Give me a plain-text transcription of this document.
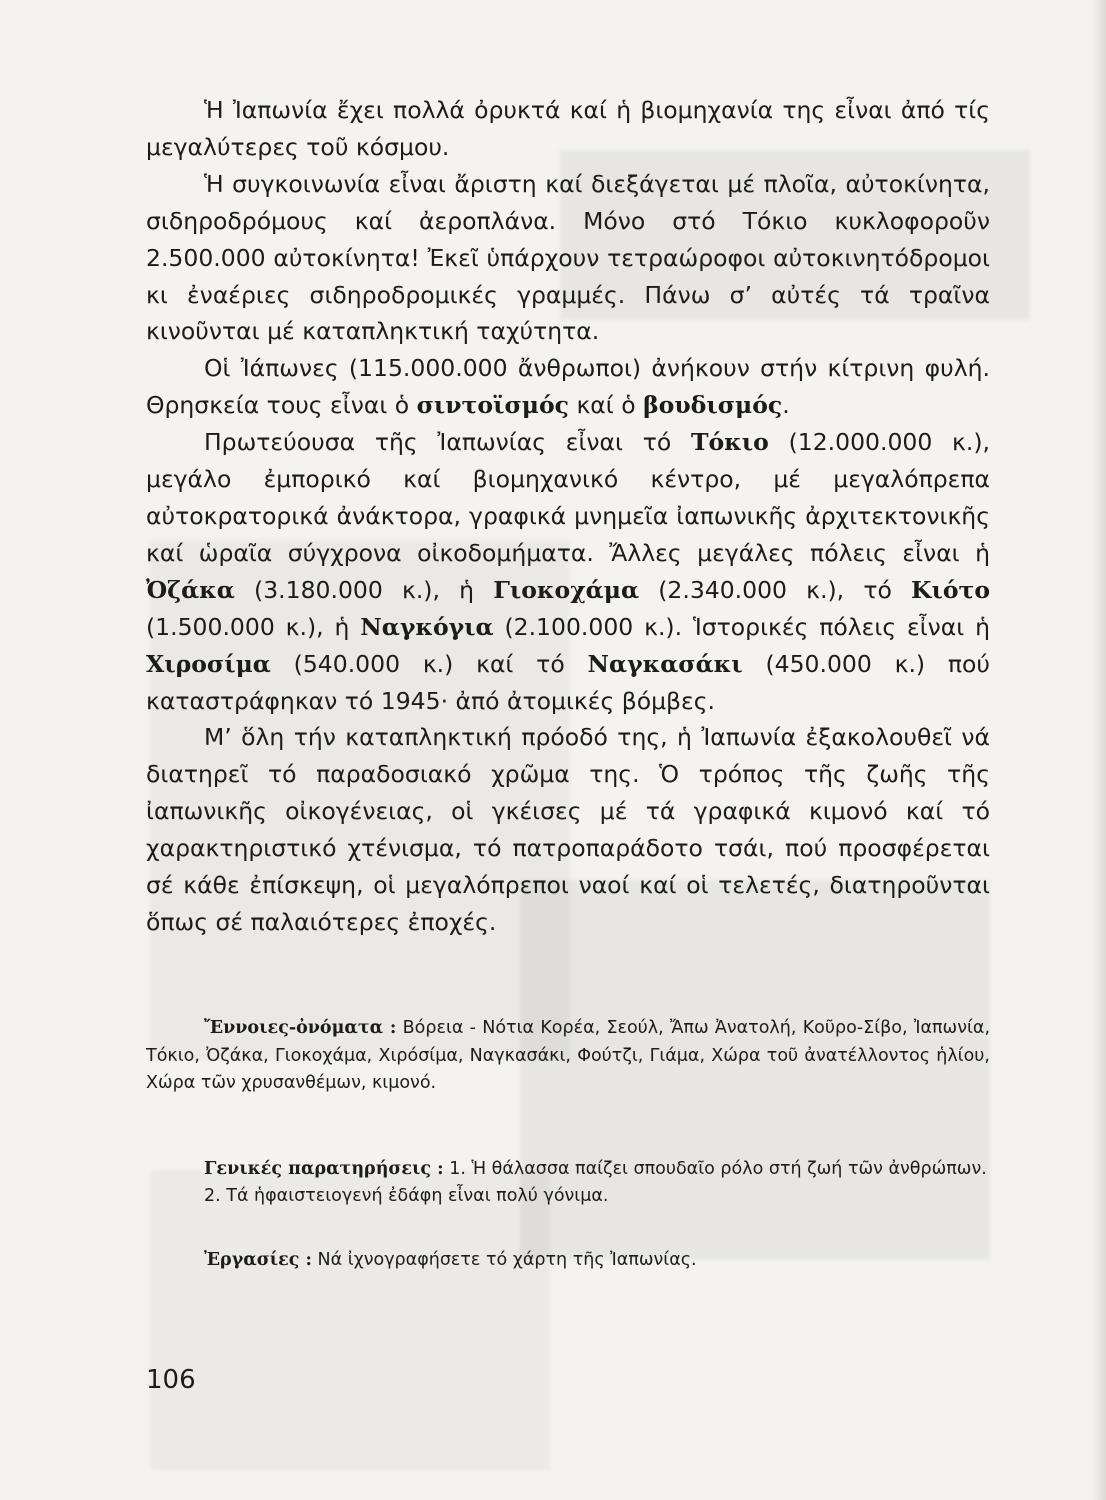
Ἡ Ἰαπωνία ἔχει πολλά ὀρυκτά καί ἡ βιομηχανία της εἶναι ἀπό τίς μεγαλύτερες τοῦ κόσμου.

Ἡ συγκοινωνία εἶναι ἄριστη καί διεξάγεται μέ πλοῖα, αὐτοκίνητα, σιδηροδρόμους καί ἀεροπλάνα. Μόνο στό Τόκιο κυκλοφοροῦν 2.500.000 αὐτοκίνητα! Ἐκεῖ ὑπάρχουν τετραώροφοι αὐτοκινητόδρομοι κι ἐναέριες σιδηροδρομικές γραμμές. Πάνω σ’ αὐτές τά τραῖνα κινοῦνται μέ καταπληκτική ταχύτητα.

Οἱ Ἰάπωνες (115.000.000 ἄνθρωποι) ἀνήκουν στήν κίτρινη φυλή. Θρησκεία τους εἶναι ὁ σιντοϊσμός καί ὁ βουδισμός.

Πρωτεύουσα τῆς Ἰαπωνίας εἶναι τό Τόκιο (12.000.000 κ.), μεγάλο ἐμπορικό καί βιομηχανικό κέντρο, μέ μεγαλόπρεπα αὐτοκρατορικά ἀνάκτορα, γραφικά μνημεῖα ἰαπωνικῆς ἀρχιτεκτονικῆς καί ὡραῖα σύγχρονα οἰκοδομήματα. Ἄλλες μεγάλες πόλεις εἶναι ἡ Ὀζάκα (3.180.000 κ.), ἡ Γιοκοχάμα (2.340.000 κ.), τό Κιότο (1.500.000 κ.), ἡ Ναγκόγια (2.100.000 κ.). Ἱστορικές πόλεις εἶναι ἡ Χιροσίμα (540.000 κ.) καί τό Ναγκασάκι (450.000 κ.) πού καταστράφηκαν τό 1945· ἀπό ἀτομικές βόμβες.

Μ’ ὅλη τήν καταπληκτική πρόοδό της, ἡ Ἰαπωνία ἐξακολουθεῖ νά διατηρεῖ τό παραδοσιακό χρῶμα της. Ὁ τρόπος τῆς ζωῆς τῆς ἰαπωνικῆς οἰκογένειας, οἱ γκέισες μέ τά γραφικά κιμονό καί τό χαρακτηριστικό χτένισμα, τό πατροπαράδοτο τσάι, πού προσφέρεται σέ κάθε ἐπίσκεψη, οἱ μεγαλόπρεποι ναοί καί οἱ τελετές, διατηροῦνται ὅπως σέ παλαιότερες ἐποχές.

Ἔννοιες-ὀνόματα : Βόρεια - Νότια Κορέα, Σεούλ, Ἄπω Ἀνατολή, Κοῦρο-Σίβο, Ἰαπωνία, Τόκιο, Ὀζάκα, Γιοκοχάμα, Χιρόσίμα, Ναγκασάκι, Φούτζι, Γιάμα, Χώρα τοῦ ἀνατέλλοντος ἡλίου, Χώρα τῶν χρυσανθέμων, κιμονό.

Γενικές παρατηρήσεις : 1. Ἡ θάλασσα παίζει σπουδαῖο ρόλο στή ζωή τῶν ἀνθρώπων.

2. Τά ἡφαιστειογενή ἐδάφη εἶναι πολύ γόνιμα.

Ἐργασίες : Νά ἰχνογραφήσετε τό χάρτη τῆς Ἰαπωνίας.

106
